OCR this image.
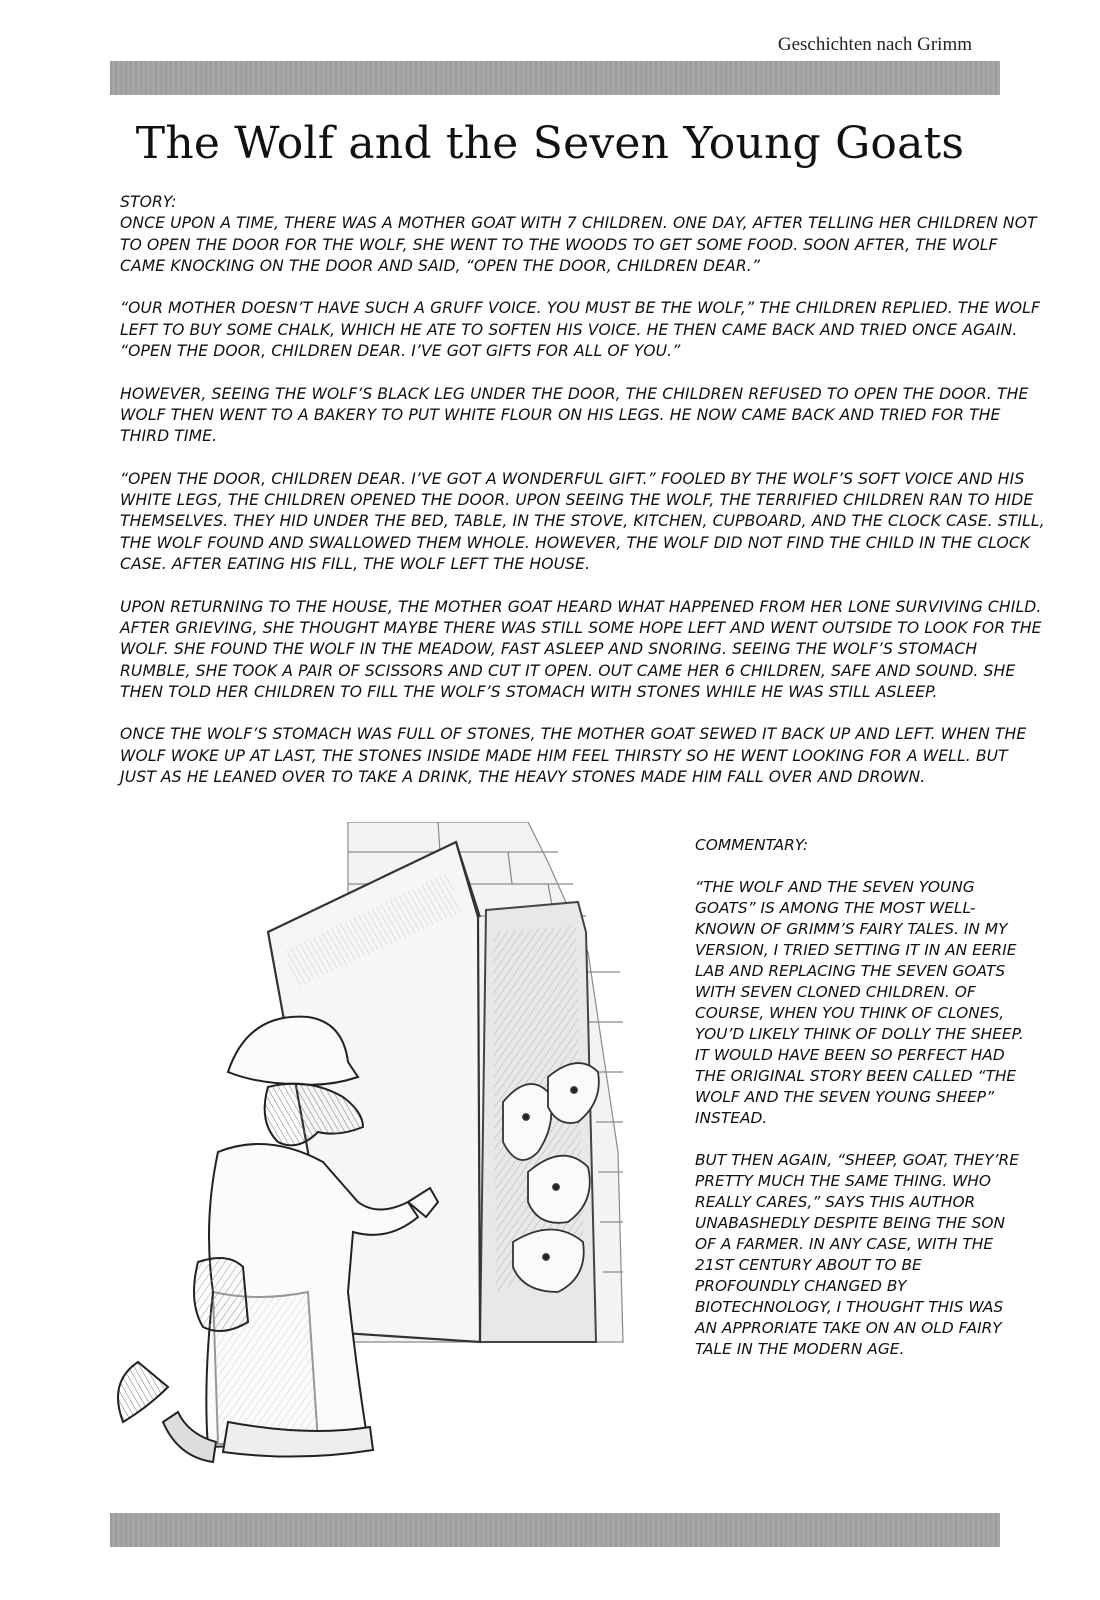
Geschichten nach Grimm
The Wolf and the Seven Young Goats

STORY:

ONCE UPON A TIME, THERE WAS A MOTHER GOAT WITH 7 CHILDREN. ONE DAY, AFTER TELLING HER CHILDREN NOT TO OPEN THE DOOR FOR THE WOLF, SHE WENT TO THE WOODS TO GET SOME FOOD. SOON AFTER, THE WOLF CAME KNOCKING ON THE DOOR AND SAID, “OPEN THE DOOR, CHILDREN DEAR.”

“OUR MOTHER DOESN’T HAVE SUCH A GRUFF VOICE. YOU MUST BE THE WOLF,” THE CHILDREN REPLIED. THE WOLF LEFT TO BUY SOME CHALK, WHICH HE ATE TO SOFTEN HIS VOICE. HE THEN CAME BACK AND TRIED ONCE AGAIN. “OPEN THE DOOR, CHILDREN DEAR. I’VE GOT GIFTS FOR ALL OF YOU.”

HOWEVER, SEEING THE WOLF’S BLACK LEG UNDER THE DOOR, THE CHILDREN REFUSED TO OPEN THE DOOR. THE WOLF THEN WENT TO A BAKERY TO PUT WHITE FLOUR ON HIS LEGS. HE NOW CAME BACK AND TRIED FOR THE THIRD TIME.

“OPEN THE DOOR, CHILDREN DEAR. I’VE GOT A WONDERFUL GIFT.” FOOLED BY THE WOLF’S SOFT VOICE AND HIS WHITE LEGS, THE CHILDREN OPENED THE DOOR. UPON SEEING THE WOLF, THE TERRIFIED CHILDREN RAN TO HIDE THEMSELVES. THEY HID UNDER THE BED, TABLE, IN THE STOVE, KITCHEN, CUPBOARD, AND THE CLOCK CASE. STILL, THE WOLF FOUND AND SWALLOWED THEM WHOLE. HOWEVER, THE WOLF DID NOT FIND THE CHILD IN THE CLOCK CASE. AFTER EATING HIS FILL, THE WOLF LEFT THE HOUSE.

UPON RETURNING TO THE HOUSE, THE MOTHER GOAT HEARD WHAT HAPPENED FROM HER LONE SURVIVING CHILD. AFTER GRIEVING, SHE THOUGHT MAYBE THERE WAS STILL SOME HOPE LEFT AND WENT OUTSIDE TO LOOK FOR THE WOLF. SHE FOUND THE WOLF IN THE MEADOW, FAST ASLEEP AND SNORING. SEEING THE WOLF’S STOMACH RUMBLE, SHE TOOK A PAIR OF SCISSORS AND CUT IT OPEN. OUT CAME HER 6 CHILDREN, SAFE AND SOUND. SHE THEN TOLD HER CHILDREN TO FILL THE WOLF’S STOMACH WITH STONES WHILE HE WAS STILL ASLEEP.

ONCE THE WOLF’S STOMACH WAS FULL OF STONES, THE MOTHER GOAT SEWED IT BACK UP AND LEFT. WHEN THE WOLF WOKE UP AT LAST, THE STONES INSIDE MADE HIM FEEL THIRSTY SO HE WENT LOOKING FOR A WELL. BUT JUST AS HE LEANED OVER TO TAKE A DRINK, THE HEAVY STONES MADE HIM FALL OVER AND DROWN.

COMMENTARY:

“THE WOLF AND THE SEVEN YOUNG GOATS” IS AMONG THE MOST WELL-KNOWN OF GRIMM’S FAIRY TALES. IN MY VERSION, I TRIED SETTING IT IN AN EERIE LAB AND REPLACING THE SEVEN GOATS WITH SEVEN CLONED CHILDREN. OF COURSE, WHEN YOU THINK OF CLONES, YOU’D LIKELY THINK OF DOLLY THE SHEEP. IT WOULD HAVE BEEN SO PERFECT HAD THE ORIGINAL STORY BEEN CALLED “THE WOLF AND THE SEVEN YOUNG SHEEP” INSTEAD.

BUT THEN AGAIN, “SHEEP, GOAT, THEY’RE PRETTY MUCH THE SAME THING. WHO REALLY CARES,” SAYS THIS AUTHOR UNABASHEDLY DESPITE BEING THE SON OF A FARMER. IN ANY CASE, WITH THE 21ST CENTURY ABOUT TO BE PROFOUNDLY CHANGED BY BIOTECHNOLOGY, I THOUGHT THIS WAS AN APPRORIATE TAKE ON AN OLD FAIRY TALE IN THE MODERN AGE.
